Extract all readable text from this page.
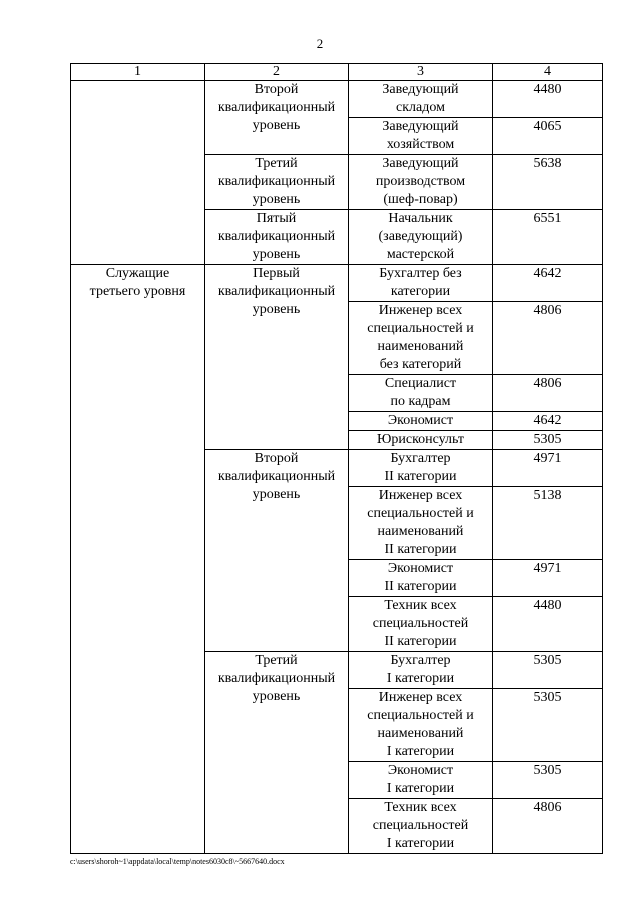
2
1	2	3	4
	Второй
квалификационный
уровень	Заведующий
складом	4480
		Заведующий
хозяйством	4065
	Третий
квалификационный
уровень	Заведующий
производством
(шеф-повар)	5638
	Пятый
квалификационный
уровень	Начальник
(заведующий)
мастерской	6551
Служащие
третьего уровня	Первый
квалификационный
уровень	Бухгалтер без
категории	4642
		Инженер всех
специальностей и
наименований
без категорий	4806
		Специалист
по кадрам	4806
		Экономист	4642
		Юрисконсульт	5305
	Второй
квалификационный
уровень	Бухгалтер
II категории	4971
		Инженер всех
специальностей и
наименований
II категории	5138
		Экономист
II категории	4971
		Техник всех
специальностей
II категории	4480
	Третий
квалификационный
уровень	Бухгалтер
I категории	5305
		Инженер всех
специальностей и
наименований
I категории	5305
		Экономист
I категории	5305
		Техник всех
специальностей
I категории	4806
c:\users\shoroh~1\appdata\local\temp\notes6030c8\~5667640.docx
